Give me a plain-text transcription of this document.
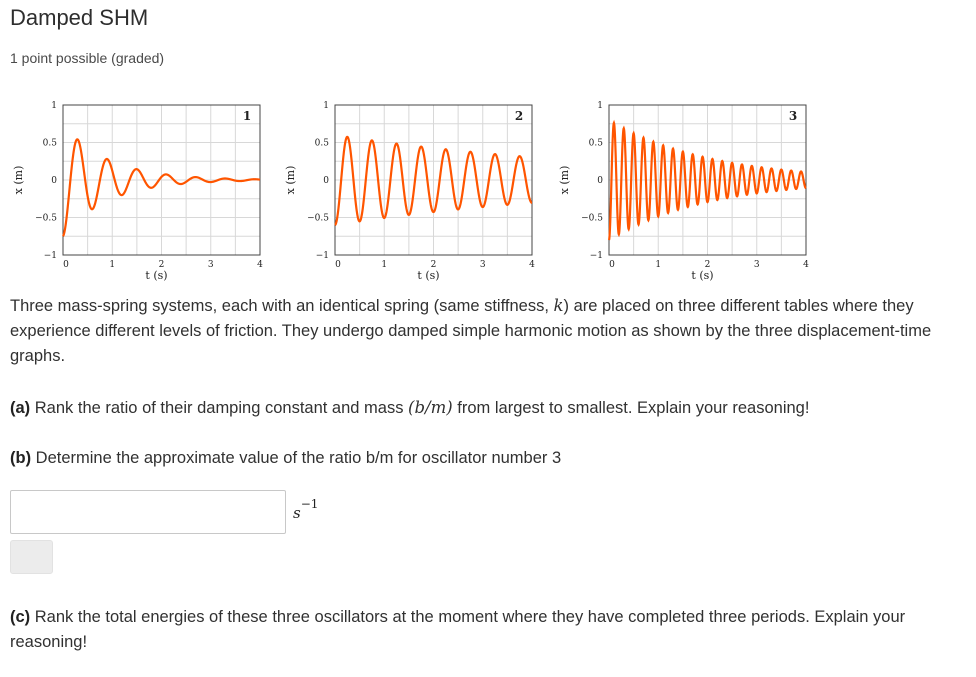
Damped SHM
1 point possible (graded)
1
0.5
0
−0.5
−1
0	1	2	3	4
t (s)
x (m)
1
1
0.5
0
−0.5
−1
0	1	2	3	4
t (s)
x (m)
2
1
0.5
0
−0.5
−1
0	1	2	3	4
t (s)
x (m)
3
Three mass-spring systems, each with an identical spring (same stiffness, k) are placed on three different tables where they experience different levels of friction. They undergo damped simple harmonic motion as shown by the three displacement-time graphs.
(a) Rank the ratio of their damping constant and mass (b/m) from largest to smallest. Explain your reasoning!
(b) Determine the approximate value of the ratio b/m for oscillator number 3
$s^{-1}$
(c) Rank the total energies of these three oscillators at the moment where they have completed three periods. Explain your reasoning!
